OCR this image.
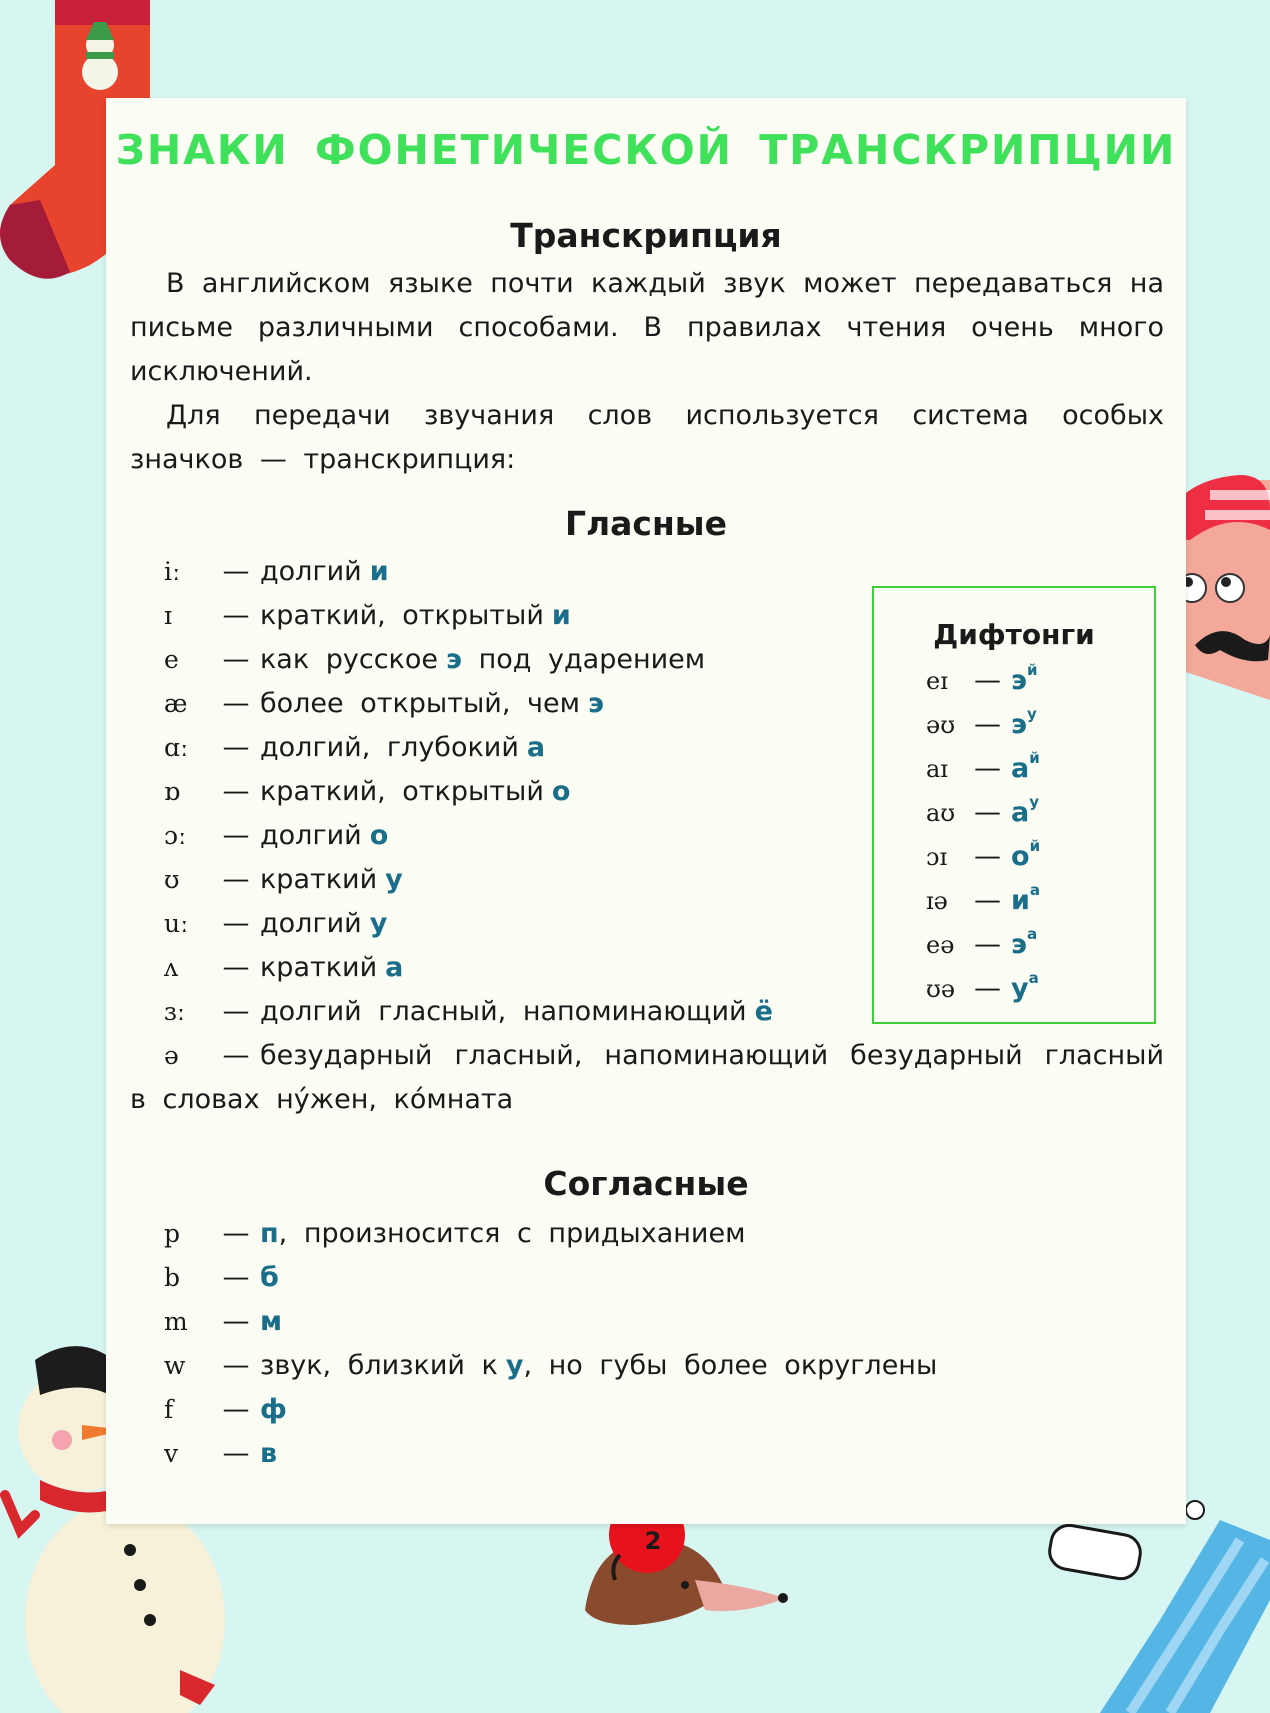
ЗНАКИ ФОНЕТИЧЕСКОЙ ТРАНСКРИПЦИИ
Транскрипция
В английском языке почти каждый звук может передаваться на письме различными способами. В правилах чтения очень много исключений.
Для передачи звучания слов используется система особых значков — транскрипция:
Гласные
iː — долгий и
ɪ — краткий, открытый и
e — как русское э под ударением
æ — более открытый, чем э
ɑː — долгий, глубокий а
ɒ — краткий, открытый о
ɔː — долгий о
ʊ — краткий у
uː — долгий у
ʌ — краткий а
ɜː — долгий гласный, напоминающий ё
ə — безударный гласный, напоминающий безударный гласный в словах ну́жен, ко́мната
Дифтонги
eɪ — $э^й$
əʊ — $э^у$
aɪ — $а^й$
aʊ — $а^у$
ɔɪ — $о^й$
ɪə — $и^а$
eə — $э^а$
ʊə — $у^а$
Согласные
p — п, произносится с придыханием
b — б
m — м
w — звук, близкий к у, но губы более округлены
f — ф
v — в
2
